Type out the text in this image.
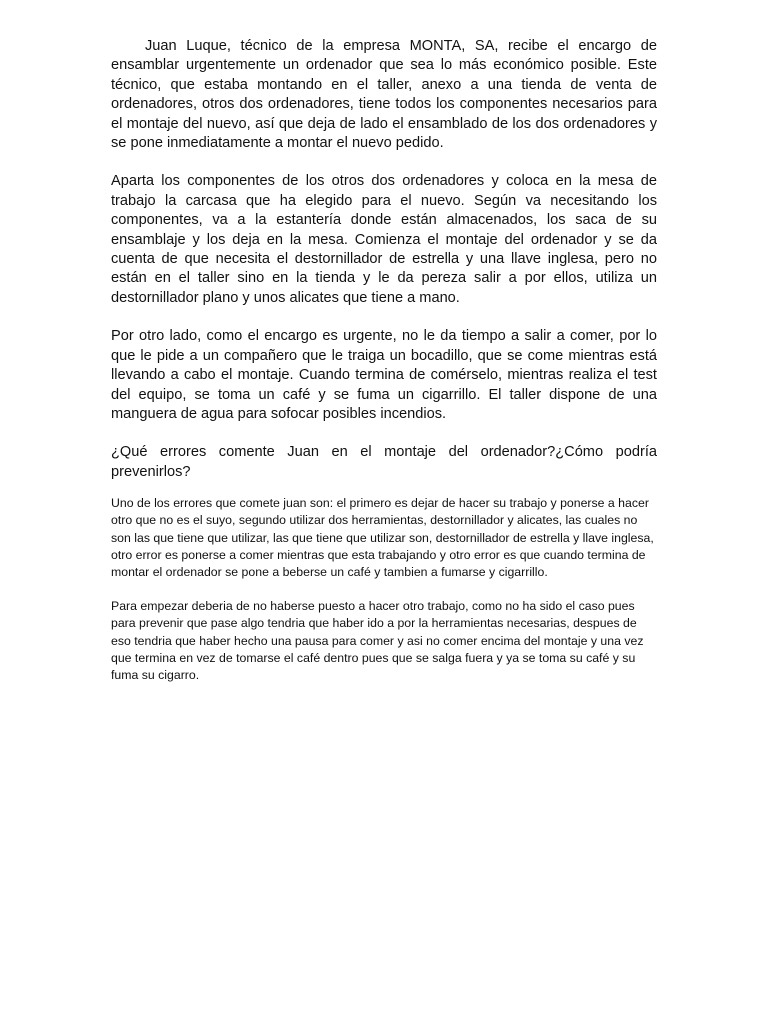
Juan Luque, técnico de la empresa MONTA, SA, recibe el encargo de ensamblar urgentemente un ordenador que sea lo más económico posible. Este técnico, que estaba montando en el taller, anexo a una tienda de venta de ordenadores, otros dos ordenadores, tiene todos los componentes necesarios para el montaje del nuevo, así que deja de lado el ensamblado de los dos ordenadores y se pone inmediatamente a montar el nuevo pedido.

Aparta los componentes de los otros dos ordenadores y coloca en la mesa de trabajo la carcasa que ha elegido para el nuevo. Según va necesitando los componentes, va a la estantería donde están almacenados, los saca de su ensamblaje y los deja en la mesa. Comienza el montaje del ordenador y se da cuenta de que necesita el destornillador de estrella y una llave inglesa, pero no están en el taller sino en la tienda y le da pereza salir a por ellos, utiliza un destornillador plano y unos alicates que tiene a mano.

Por otro lado, como el encargo es urgente, no le da tiempo a salir a comer, por lo que le pide a un compañero que le traiga un bocadillo, que se come mientras está llevando a cabo el montaje. Cuando termina de comérselo, mientras realiza el test del equipo, se toma un café y se fuma un cigarrillo. El taller dispone de una manguera de agua para sofocar posibles incendios.

¿Qué errores comente Juan en el montaje del ordenador?¿Cómo podría prevenirlos?

Uno de los errores que comete juan son: el primero es dejar de hacer su trabajo y ponerse a hacer otro que no es el suyo, segundo utilizar dos herramientas, destornillador y alicates, las cuales no son las que tiene que utilizar, las que tiene que utilizar son, destornillador de estrella y llave inglesa, otro error es ponerse a comer mientras que esta trabajando y otro error es que cuando termina de montar el ordenador se pone a beberse un café y tambien a fumarse y cigarrillo.

Para empezar deberia de no haberse puesto a hacer otro trabajo, como no ha sido el caso pues para prevenir que pase algo tendria que haber ido a por la herramientas necesarias, despues de eso tendria que haber hecho una pausa para comer y asi no comer encima del montaje y una vez que termina en vez de tomarse el café dentro pues que se salga fuera y ya se toma su café y su fuma su cigarro.
